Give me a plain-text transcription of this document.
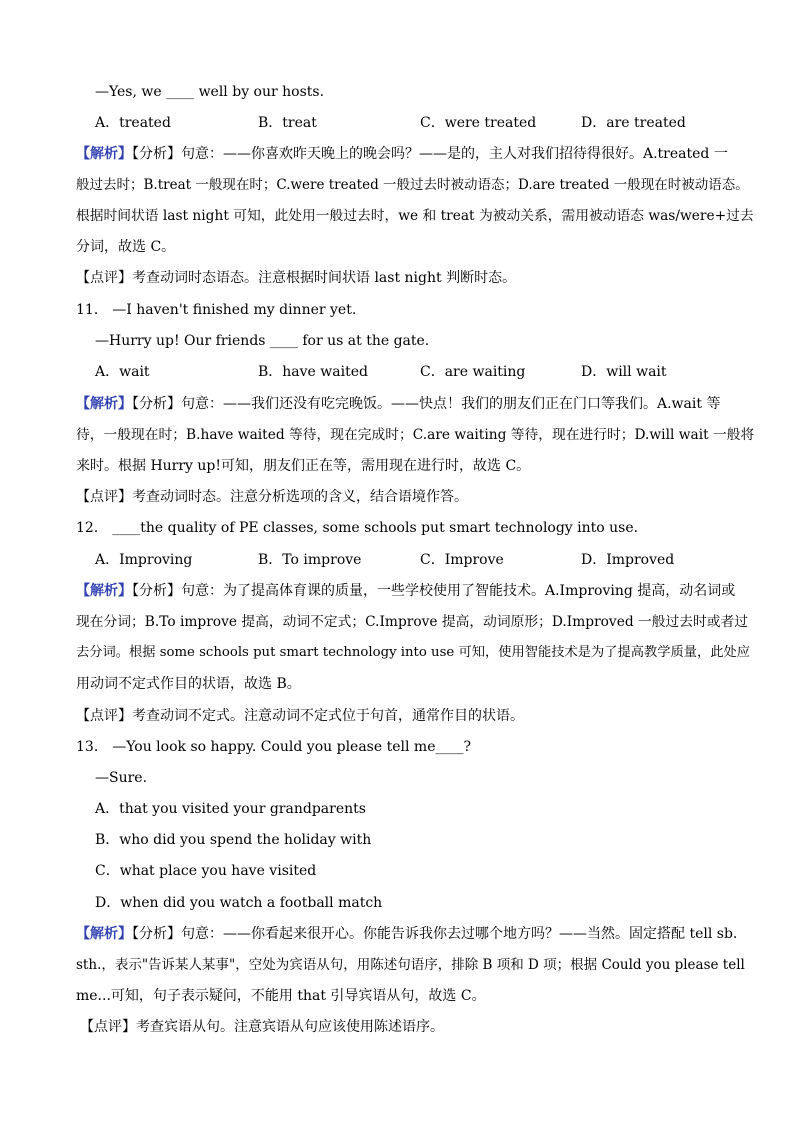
—Yes, we ____ well by our hosts.
A．treated	B．treat	C．were treated	D．are treated
【解析】【分析】句意：——你喜欢昨天晚上的晚会吗？——是的，主人对我们招待得很好。A.treated 一
般过去时；B.treat 一般现在时；C.were treated 一般过去时被动语态；D.are treated 一般现在时被动语态。
根据时间状语 last night 可知，此处用一般过去时，we 和 treat 为被动关系，需用被动语态 was/were+过去
分词，故选 C。
【点评】考查动词时态语态。注意根据时间状语 last night 判断时态。
11． —I haven't finished my dinner yet.
—Hurry up! Our friends ____ for us at the gate.
A．wait	B．have waited	C．are waiting	D．will wait
【解析】【分析】句意：——我们还没有吃完晚饭。——快点！我们的朋友们正在门口等我们。A.wait 等
待，一般现在时；B.have waited 等待，现在完成时；C.are waiting 等待，现在进行时；D.will wait 一般将
来时。根据 Hurry up!可知，朋友们正在等，需用现在进行时，故选 C。
【点评】考查动词时态。注意分析选项的含义，结合语境作答。
12． ____the quality of PE classes, some schools put smart technology into use.
A．Improving	B．To improve	C．Improve	D．Improved
【解析】【分析】句意：为了提高体育课的质量，一些学校使用了智能技术。A.Improving 提高，动名词或
现在分词；B.To improve 提高，动词不定式；C.Improve 提高，动词原形；D.Improved 一般过去时或者过
去分词。根据 some schools put smart technology into use 可知，使用智能技术是为了提高教学质量，此处应
用动词不定式作目的状语，故选 B。
【点评】考查动词不定式。注意动词不定式位于句首，通常作目的状语。
13． —You look so happy. Could you please tell me____?
—Sure.
A．that you visited your grandparents
B．who did you spend the holiday with
C．what place you have visited
D．when did you watch a football match
【解析】【分析】句意：——你看起来很开心。你能告诉我你去过哪个地方吗？——当然。固定搭配 tell sb.
sth.，表示"告诉某人某事"，空处为宾语从句，用陈述句语序，排除 B 项和 D 项；根据 Could you please tell
me...可知，句子表示疑问，不能用 that 引导宾语从句，故选 C。
【点评】考查宾语从句。注意宾语从句应该使用陈述语序。
